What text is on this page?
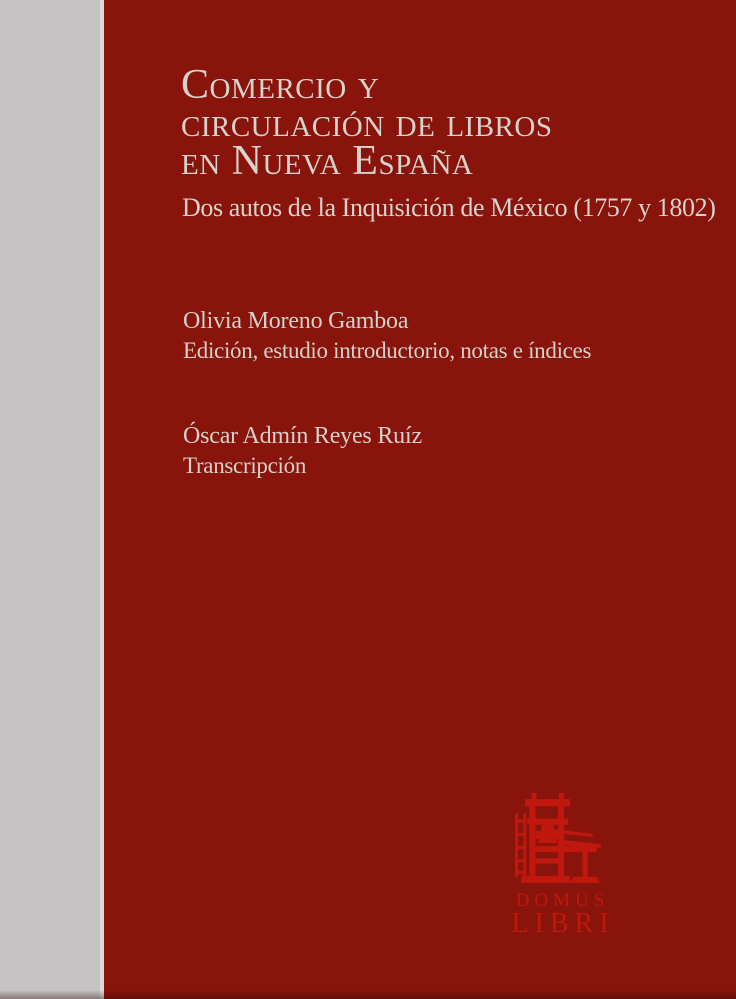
Comercio y
circulación de libros
en Nueva España
Dos autos de la Inquisición de México (1757 y 1802)
Olivia Moreno Gamboa
Edición, estudio introductorio, notas e índices
Óscar Admín Reyes Ruíz
Transcripción
DOMUS
LIBRI
